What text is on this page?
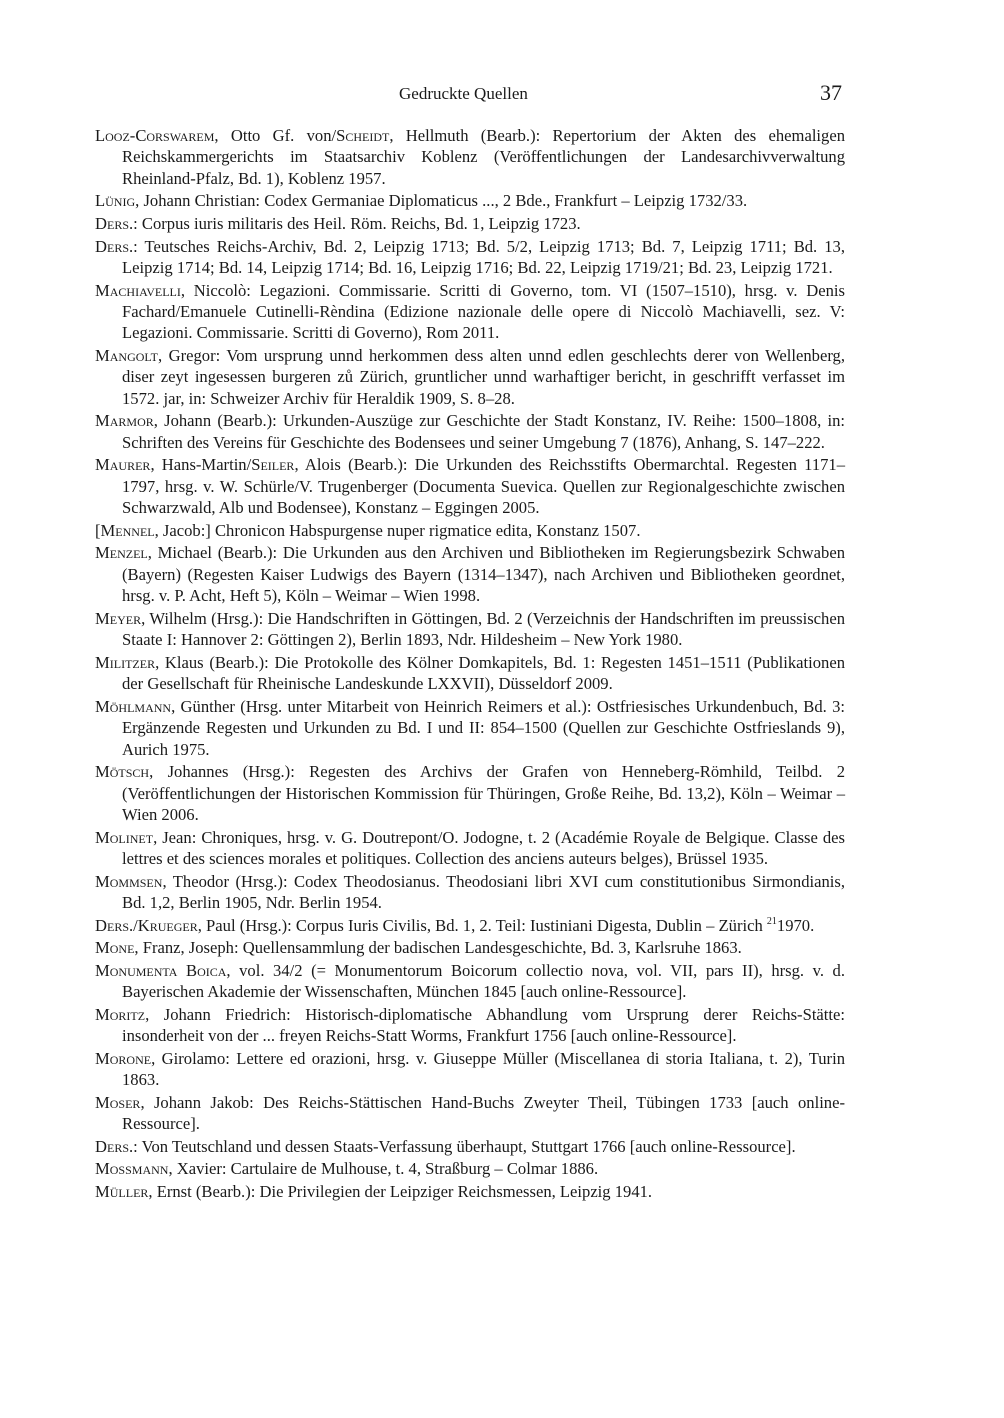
Gedruckte Quellen	37

Looz-Corswarem, Otto Gf. von/Scheidt, Hellmuth (Bearb.): Repertorium der Akten des ehemaligen Reichskammergerichts im Staatsarchiv Koblenz (Veröffentlichungen der Landesarchivverwaltung Rheinland-Pfalz, Bd. 1), Koblenz 1957.

Lünig, Johann Christian: Codex Germaniae Diplomaticus ..., 2 Bde., Frankfurt – Leipzig 1732/33.

Ders.: Corpus iuris militaris des Heil. Röm. Reichs, Bd. 1, Leipzig 1723.

Ders.: Teutsches Reichs-Archiv, Bd. 2, Leipzig 1713; Bd. 5/2, Leipzig 1713; Bd. 7, Leipzig 1711; Bd. 13, Leipzig 1714; Bd. 14, Leipzig 1714; Bd. 16, Leipzig 1716; Bd. 22, Leipzig 1719/21; Bd. 23, Leipzig 1721.

Machiavelli, Niccolò: Legazioni. Commissarie. Scritti di Governo, tom. VI (1507–1510), hrsg. v. Denis Fachard/Emanuele Cutinelli-Rèndina (Edizione nazionale delle opere di Niccolò Machiavelli, sez. V: Legazioni. Commissarie. Scritti di Governo), Rom 2011.

Mangolt, Gregor: Vom ursprung unnd herkommen dess alten unnd edlen geschlechts derer von Wellenberg, diser zeyt ingesessen burgeren zů Zürich, gruntlicher unnd warhaftiger bericht, in geschrifft verfasset im 1572. jar, in: Schweizer Archiv für Heraldik 1909, S. 8–28.

Marmor, Johann (Bearb.): Urkunden-Auszüge zur Geschichte der Stadt Konstanz, IV. Reihe: 1500–1808, in: Schriften des Vereins für Geschichte des Bodensees und seiner Umgebung 7 (1876), Anhang, S. 147–222.

Maurer, Hans-Martin/Seiler, Alois (Bearb.): Die Urkunden des Reichsstifts Obermarchtal. Regesten 1171–1797, hrsg. v. W. Schürle/V. Trugenberger (Documenta Suevica. Quellen zur Regionalgeschichte zwischen Schwarzwald, Alb und Bodensee), Konstanz – Eggingen 2005.

[Mennel, Jacob:] Chronicon Habspurgense nuper rigmatice edita, Konstanz 1507.

Menzel, Michael (Bearb.): Die Urkunden aus den Archiven und Bibliotheken im Regierungsbezirk Schwaben (Bayern) (Regesten Kaiser Ludwigs des Bayern (1314–1347), nach Archiven und Bibliotheken geordnet, hrsg. v. P. Acht, Heft 5), Köln – Weimar – Wien 1998.

Meyer, Wilhelm (Hrsg.): Die Handschriften in Göttingen, Bd. 2 (Verzeichnis der Handschriften im preussischen Staate I: Hannover 2: Göttingen 2), Berlin 1893, Ndr. Hildesheim – New York 1980.

Militzer, Klaus (Bearb.): Die Protokolle des Kölner Domkapitels, Bd. 1: Regesten 1451–1511 (Publikationen der Gesellschaft für Rheinische Landeskunde LXXVII), Düsseldorf 2009.

Möhlmann, Günther (Hrsg. unter Mitarbeit von Heinrich Reimers et al.): Ostfriesisches Urkundenbuch, Bd. 3: Ergänzende Regesten und Urkunden zu Bd. I und II: 854–1500 (Quellen zur Geschichte Ostfrieslands 9), Aurich 1975.

Mötsch, Johannes (Hrsg.): Regesten des Archivs der Grafen von Henneberg-Römhild, Teilbd. 2 (Veröffentlichungen der Historischen Kommission für Thüringen, Große Reihe, Bd. 13,2), Köln – Weimar – Wien 2006.

Molinet, Jean: Chroniques, hrsg. v. G. Doutrepont/O. Jodogne, t. 2 (Académie Royale de Belgique. Classe des lettres et des sciences morales et politiques. Collection des anciens auteurs belges), Brüssel 1935.

Mommsen, Theodor (Hrsg.): Codex Theodosianus. Theodosiani libri XVI cum constitutionibus Sirmondianis, Bd. 1,2, Berlin 1905, Ndr. Berlin 1954.

Ders./Krueger, Paul (Hrsg.): Corpus Iuris Civilis, Bd. 1, 2. Teil: Iustiniani Digesta, Dublin – Zürich $^{21}$1970.

Mone, Franz, Joseph: Quellensammlung der badischen Landesgeschichte, Bd. 3, Karlsruhe 1863.

Monumenta Boica, vol. 34/2 (= Monumentorum Boicorum collectio nova, vol. VII, pars II), hrsg. v. d. Bayerischen Akademie der Wissenschaften, München 1845 [auch online-Ressource].

Moritz, Johann Friedrich: Historisch-diplomatische Abhandlung vom Ursprung derer Reichs-Stätte: insonderheit von der ... freyen Reichs-Statt Worms, Frankfurt 1756 [auch online-Ressource].

Morone, Girolamo: Lettere ed orazioni, hrsg. v. Giuseppe Müller (Miscellanea di storia Italiana, t. 2), Turin 1863.

Moser, Johann Jakob: Des Reichs-Stättischen Hand-Buchs Zweyter Theil, Tübingen 1733 [auch online-Ressource].

Ders.: Von Teutschland und dessen Staats-Verfassung überhaupt, Stuttgart 1766 [auch online-Ressource].

Mossmann, Xavier: Cartulaire de Mulhouse, t. 4, Straßburg – Colmar 1886.

Müller, Ernst (Bearb.): Die Privilegien der Leipziger Reichsmessen, Leipzig 1941.
